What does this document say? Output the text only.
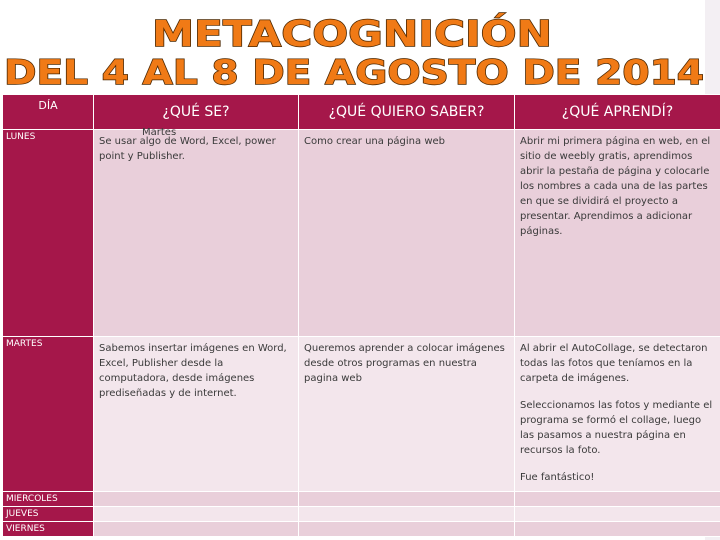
METACOGNICIÓN
DEL 4 AL 8 DE AGOSTO DE 2014
DÍA	¿QUÉ SE?	¿QUÉ QUIERO SABER?	¿QUÉ APRENDÍ?
LUNES	Se usar algo de Word, Excel, power point y Publisher.	Como crear una página web	Abrir mi primera página en web, en el sitio de weebly gratis, aprendimos abrir la pestaña de página y colocarle los nombres a cada una de las partes en que se dividirá el proyecto a presentar. Aprendimos a adicionar páginas.
MARTES	Sabemos insertar imágenes en Word, Excel, Publisher desde la computadora, desde imágenes prediseñadas y de internet.	Queremos aprender a colocar imágenes desde otros programas en nuestra pagina web	Al abrir el AutoCollage, se detectaron todas las fotos que teníamos en la carpeta de imágenes.
Seleccionamos las fotos y mediante el programa se formó el collage, luego las pasamos a nuestra página en recursos la foto.
Fue fantástico!

MIERCOLES			
JUEVES			
VIERNES			
Martes
